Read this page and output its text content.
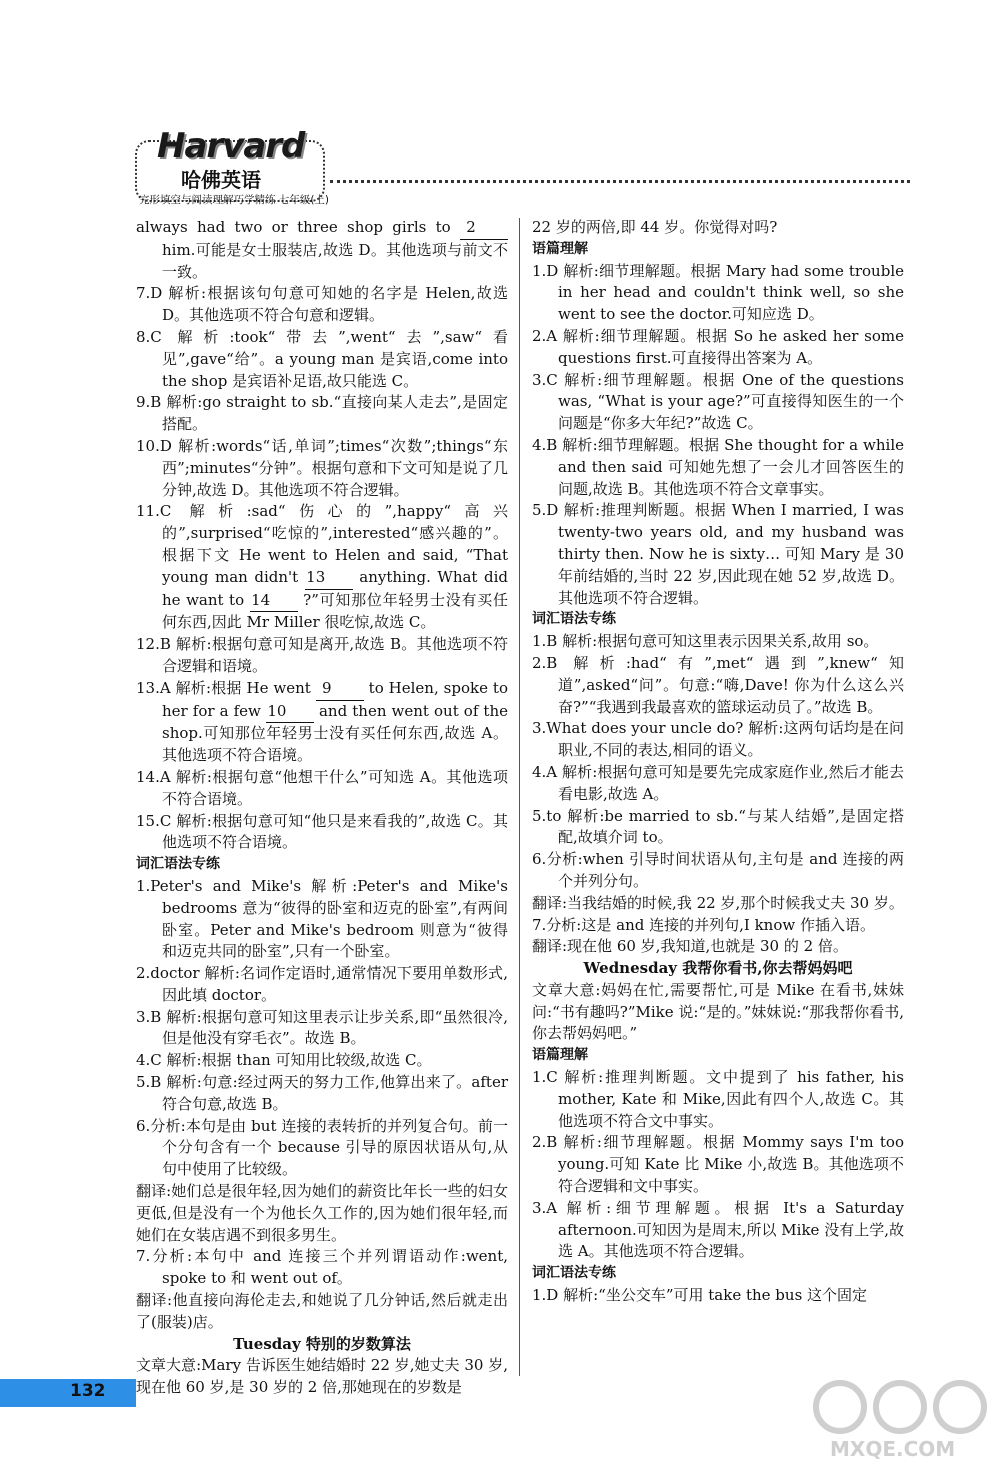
Harvard
哈佛英语
完形填空与阅读理解巧学精练 七年级(上)

always had two or three shop girls to 2 him.可能是女士服装店,故选 D。其他选项与前文不一致。

7.D 解析:根据该句句意可知她的名字是 Helen,故选 D。其他选项不符合句意和逻辑。

8.C 解析:took“带去”,went“去”,saw“看见”,gave“给”。a young man 是宾语,come into the shop 是宾语补足语,故只能选 C。

9.B 解析:go straight to sb.“直接向某人走去”,是固定搭配。

10.D 解析:words“话,单词”;times“次数”;things“东西”;minutes“分钟”。根据句意和下文可知是说了几分钟,故选 D。其他选项不符合逻辑。

11.C 解析:sad“伤心的”,happy“高兴的”,surprised“吃惊的”,interested“感兴趣的”。根据下文 He went to Helen and said, “That young man didn't 13 anything. What did he want to 14 ?”可知那位年轻男士没有买任何东西,因此 Mr Miller 很吃惊,故选 C。

12.B 解析:根据句意可知是离开,故选 B。其他选项不符合逻辑和语境。

13.A 解析:根据 He went 9 to Helen, spoke to her for a few 10 and then went out of the shop.可知那位年轻男士没有买任何东西,故选 A。其他选项不符合语境。

14.A 解析:根据句意“他想干什么”可知选 A。其他选项不符合语境。

15.C 解析:根据句意可知“他只是来看我的”,故选 C。其他选项不符合语境。

词汇语法专练

1.Peter's and Mike's 解析:Peter's and Mike's bedrooms 意为“彼得的卧室和迈克的卧室”,有两间卧室。Peter and Mike's bedroom 则意为“彼得和迈克共同的卧室”,只有一个卧室。

2.doctor 解析:名词作定语时,通常情况下要用单数形式,因此填 doctor。

3.B 解析:根据句意可知这里表示让步关系,即“虽然很冷,但是他没有穿毛衣”。故选 B。

4.C 解析:根据 than 可知用比较级,故选 C。

5.B 解析:句意:经过两天的努力工作,他算出来了。after 符合句意,故选 B。

6.分析:本句是由 but 连接的表转折的并列复合句。前一个分句含有一个 because 引导的原因状语从句,从句中使用了比较级。

翻译:她们总是很年轻,因为她们的薪资比年长一些的妇女更低,但是没有一个为他长久工作的,因为她们很年轻,而她们在女装店遇不到很多男生。

7.分析:本句中 and 连接三个并列谓语动作:went, spoke to 和 went out of。

翻译:他直接向海伦走去,和她说了几分钟话,然后就走出了(服装)店。

Tuesday 特别的岁数算法

文章大意:Mary 告诉医生她结婚时 22 岁,她丈夫 30 岁,现在他 60 岁,是 30 岁的 2 倍,那她现在的岁数是

22 岁的两倍,即 44 岁。你觉得对吗?

语篇理解

1.D 解析:细节理解题。根据 Mary had some trouble in her head and couldn't think well, so she went to see the doctor.可知应选 D。

2.A 解析:细节理解题。根据 So he asked her some questions first.可直接得出答案为 A。

3.C 解析:细节理解题。根据 One of the questions was, “What is your age?”可直接得知医生的一个问题是“你多大年纪?”故选 C。

4.B 解析:细节理解题。根据 She thought for a while and then said 可知她先想了一会儿才回答医生的问题,故选 B。其他选项不符合文章事实。

5.D 解析:推理判断题。根据 When I married, I was twenty-two years old, and my husband was thirty then. Now he is sixty… 可知 Mary 是 30 年前结婚的,当时 22 岁,因此现在她 52 岁,故选 D。其他选项不符合逻辑。

词汇语法专练

1.B 解析:根据句意可知这里表示因果关系,故用 so。

2.B 解析:had“有”,met“遇到”,knew“知道”,asked“问”。句意:“嗨,Dave! 你为什么这么兴奋?”“我遇到我最喜欢的篮球运动员了。”故选 B。

3.What does your uncle do? 解析:这两句话均是在问职业,不同的表达,相同的语义。

4.A 解析:根据句意可知是要先完成家庭作业,然后才能去看电影,故选 A。

5.to 解析:be married to sb.“与某人结婚”,是固定搭配,故填介词 to。

6.分析:when 引导时间状语从句,主句是 and 连接的两个并列分句。

翻译:当我结婚的时候,我 22 岁,那个时候我丈夫 30 岁。

7.分析:这是 and 连接的并列句,I know 作插入语。

翻译:现在他 60 岁,我知道,也就是 30 的 2 倍。

Wednesday 我帮你看书,你去帮妈妈吧

文章大意:妈妈在忙,需要帮忙,可是 Mike 在看书,妹妹问:“书有趣吗?”Mike 说:“是的。”妹妹说:“那我帮你看书,你去帮妈妈吧。”

语篇理解

1.C 解析:推理判断题。文中提到了 his father, his mother, Kate 和 Mike,因此有四个人,故选 C。其他选项不符合文中事实。

2.B 解析:细节理解题。根据 Mommy says I'm too young.可知 Kate 比 Mike 小,故选 B。其他选项不符合逻辑和文中事实。

3.A 解析:细节理解题。根据 It's a Saturday afternoon.可知因为是周末,所以 Mike 没有上学,故选 A。其他选项不符合逻辑。

词汇语法专练

1.D 解析:“坐公交车”可用 take the bus 这个固定

132
MXQE.COM
